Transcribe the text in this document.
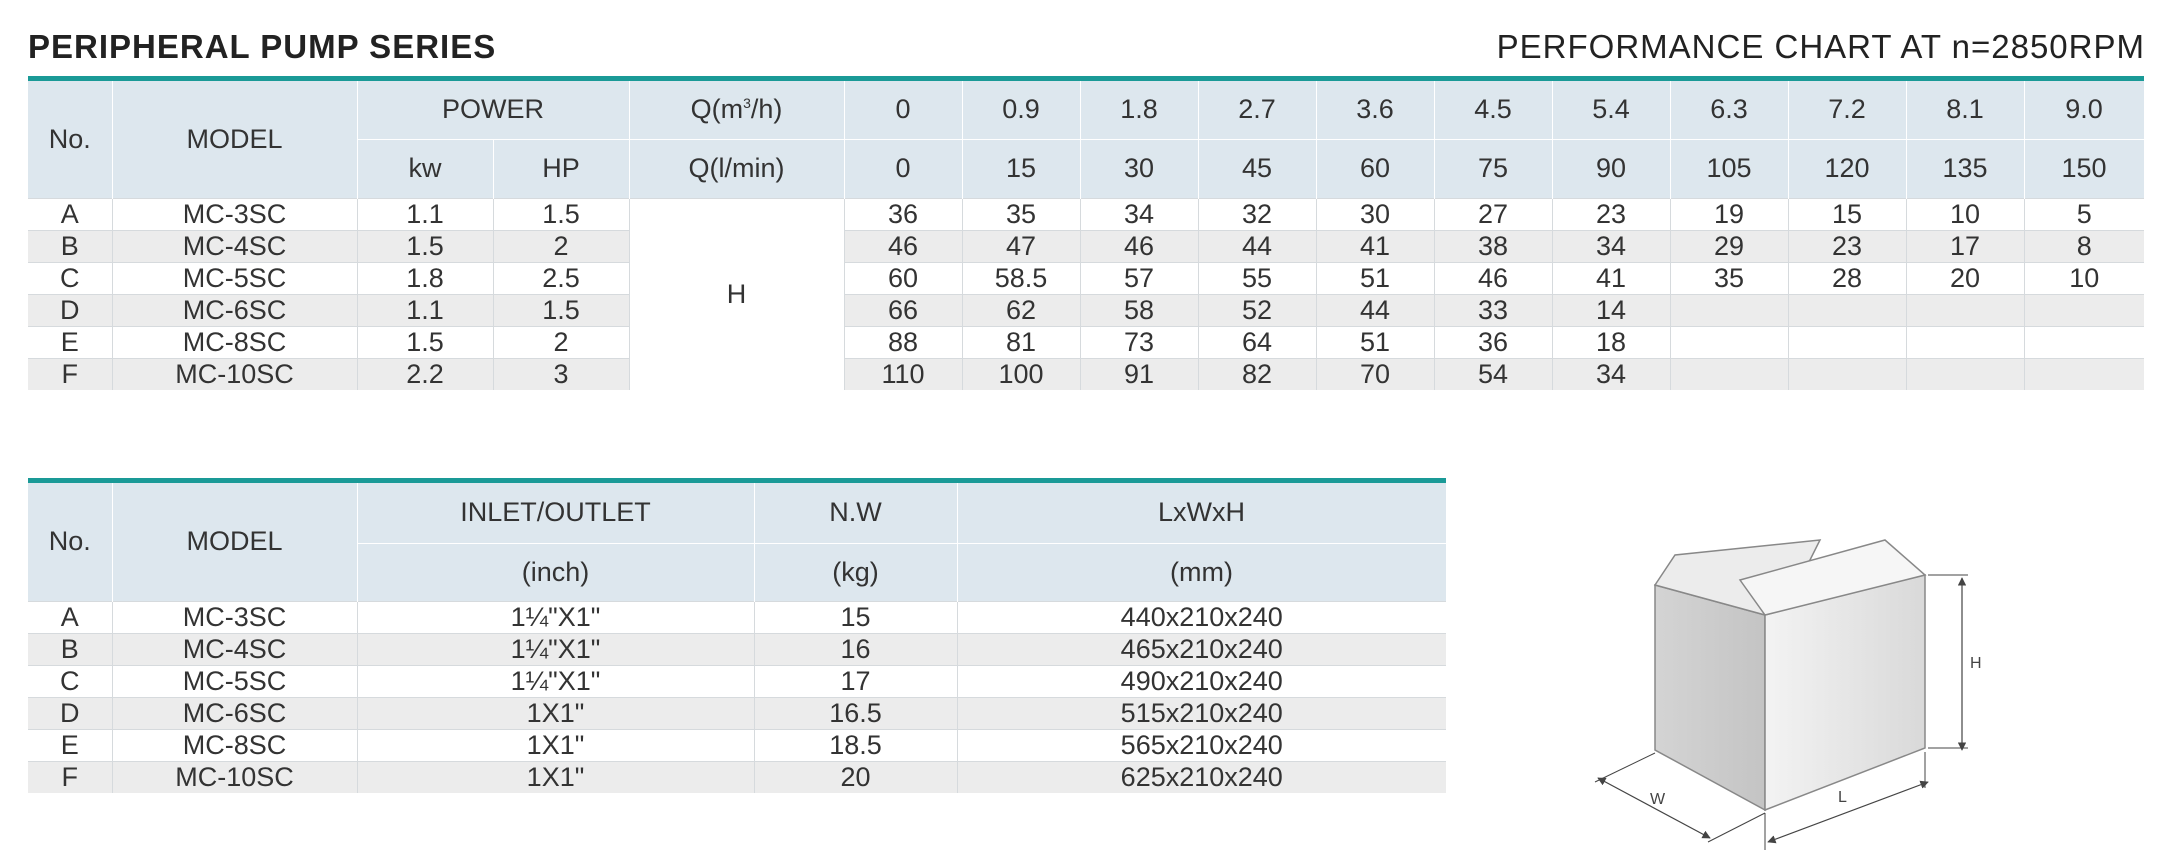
PERIPHERAL PUMP SERIES	PERFORMANCE CHART AT n=2850RPM
No.	MODEL	POWER		$Q(m^3/h)$	0	0.9	1.8	2.7	3.6	4.5	5.4	6.3	7.2	8.1	9.0
		kw	HP	Q(l/min)	0	15	30	45	60	75	90	105	120	135	150
A	MC-3SC	1.1	1.5	H	36	35	34	32	30	27	23	19	15	10	5
B	MC-4SC	1.5	2		46	47	46	44	41	38	34	29	23	17	8
C	MC-5SC	1.8	2.5		60	58.5	57	55	51	46	41	35	28	20	10
D	MC-6SC	1.1	1.5		66	62	58	52	44	33	14				
E	MC-8SC	1.5	2		88	81	73	64	51	36	18				
F	MC-10SC	2.2	3		110	100	91	82	70	54	34				
No.	MODEL	INLET/OUTLET	N.W	LxWxH
		(inch)	(kg)	(mm)
A	MC-3SC	1¼"X1"	15	440x210x240
B	MC-4SC	1¼"X1"	16	465x210x240
C	MC-5SC	1¼"X1"	17	490x210x240
D	MC-6SC	1X1"	16.5	515x210x240
E	MC-8SC	1X1"	18.5	565x210x240
F	MC-10SC	1X1"	20	625x210x240
H
L
W
